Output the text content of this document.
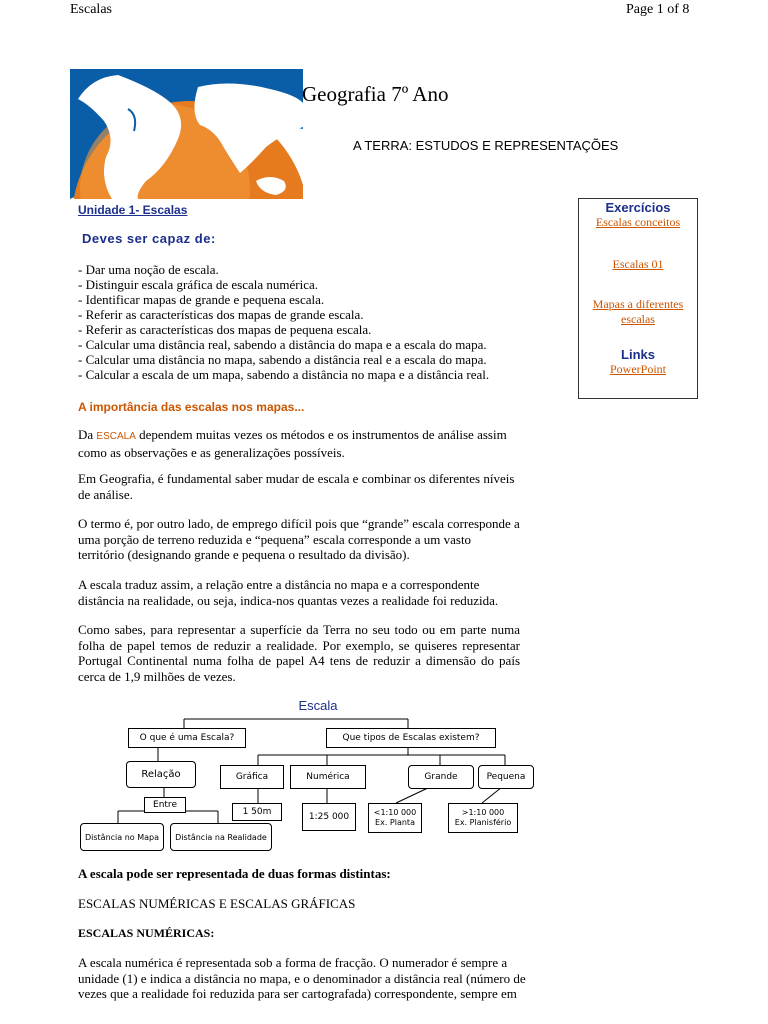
Escalas	Page 1 of 8
Geografia 7º Ano
A TERRA: ESTUDOS E REPRESENTAÇÕES
Unidade 1- Escalas
Deves ser capaz de:
- Dar uma noção de escala.
- Distinguir escala gráfica de escala numérica.
- Identificar mapas de grande e pequena escala.
- Referir as características dos mapas de grande escala.
- Referir as características dos mapas de pequena escala.
- Calcular uma distância real, sabendo a distância do mapa e a escala do mapa.
- Calcular uma distância no mapa, sabendo a distância real e a escala do mapa.
- Calcular a escala de um mapa, sabendo a distância no mapa e a distância real.
Exercícios
Escalas conceitos
Escalas 01
Mapas a diferentes escalas
Links
PowerPoint
A importância das escalas nos mapas...

Da ESCALA dependem muitas vezes os métodos e os instrumentos de análise assim como as observações e as generalizações possíveis.

Em Geografia, é fundamental saber mudar de escala e combinar os diferentes níveis de análise.

O termo é, por outro lado, de emprego difícil pois que “grande” escala corresponde a uma porção de terreno reduzida e “pequena” escala corresponde a um vasto território (designando grande e pequena o resultado da divisão).

A escala traduz assim, a relação entre a distância no mapa e a correspondente distância na realidade, ou seja, indica-nos quantas vezes a realidade foi reduzida.

Como sabes, para representar a superfície da Terra no seu todo ou em parte numa folha de papel temos de reduzir a realidade. Por exemplo, se quiseres representar Portugal Continental numa folha de papel A4 tens de reduzir a dimensão do país cerca de 1,9 milhões de vezes.

Escala
O que é uma Escala?	Que tipos de Escalas existem?
Relação
Entre
Distância no Mapa	Distância na Realidade
Gráfica	Numérica	Grande	Pequena
1 50m	1:25 000	<1:10 000
Ex. Planta
>1:10 000
Ex. Planisfério
A escala pode ser representada de duas formas distintas:
ESCALAS NUMÉRICAS E ESCALAS GRÁFICAS
ESCALAS NUMÉRICAS:

A escala numérica é representada sob a forma de fracção. O numerador é sempre a unidade (1) e indica a distância no mapa, e o denominador a distância real (número de vezes que a realidade foi reduzida para ser cartografada) correspondente, sempre em
